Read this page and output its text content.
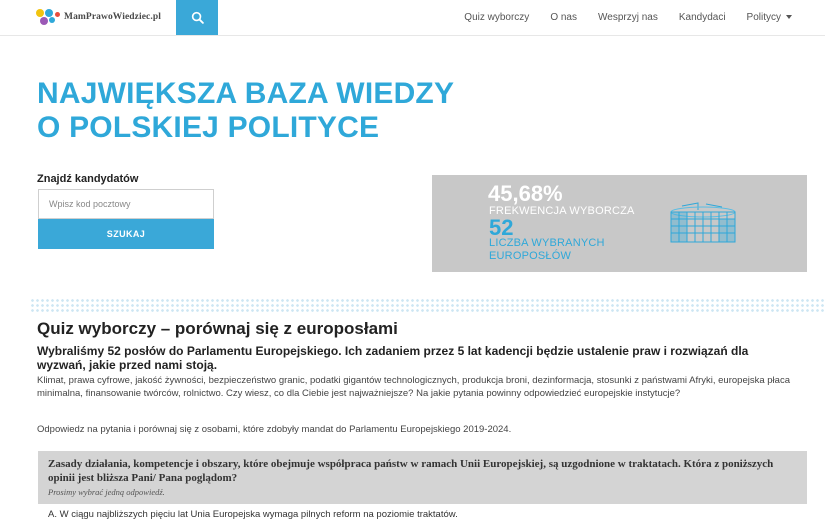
MamPrawoWiedziec.pl	Quiz wyborczy O nas Wesprzyj nas Kandydaci Politycy
NAJWIĘKSZA BAZA WIEDZY
O POLSKIEJ POLITYCE
Znajdź kandydatów
Wpisz kod pocztowy
SZUKAJ
45,68%
FREKWENCJA WYBORCZA
52
LICZBA WYBRANYCH EUROPOSŁÓW
Quiz wyborczy – porównaj się z europosłami

Wybraliśmy 52 posłów do Parlamentu Europejskiego. Ich zadaniem przez 5 lat kadencji będzie ustalenie praw i rozwiązań dla wyzwań, jakie przed nami stoją.

Klimat, prawa cyfrowe, jakość żywności, bezpieczeństwo granic, podatki gigantów technologicznych, produkcja broni, dezinformacja, stosunki z państwami Afryki, europejska płaca minimalna, finansowanie twórców, rolnictwo. Czy wiesz, co dla Ciebie jest najważniejsze? Na jakie pytania powinny odpowiedzieć europejskie instytucje?

Odpowiedz na pytania i porównaj się z osobami, które zdobyły mandat do Parlamentu Europejskiego 2019-2024.

Zasady działania, kompetencje i obszary, które obejmuje współpraca państw w ramach Unii Europejskiej, są uzgodnione w traktatach. Która z poniższych opinii jest bliższa Pani/ Pana poglądom?

Prosimy wybrać jedną odpowiedź.
A. W ciągu najbliższych pięciu lat Unia Europejska wymaga pilnych reform na poziomie traktatów.
